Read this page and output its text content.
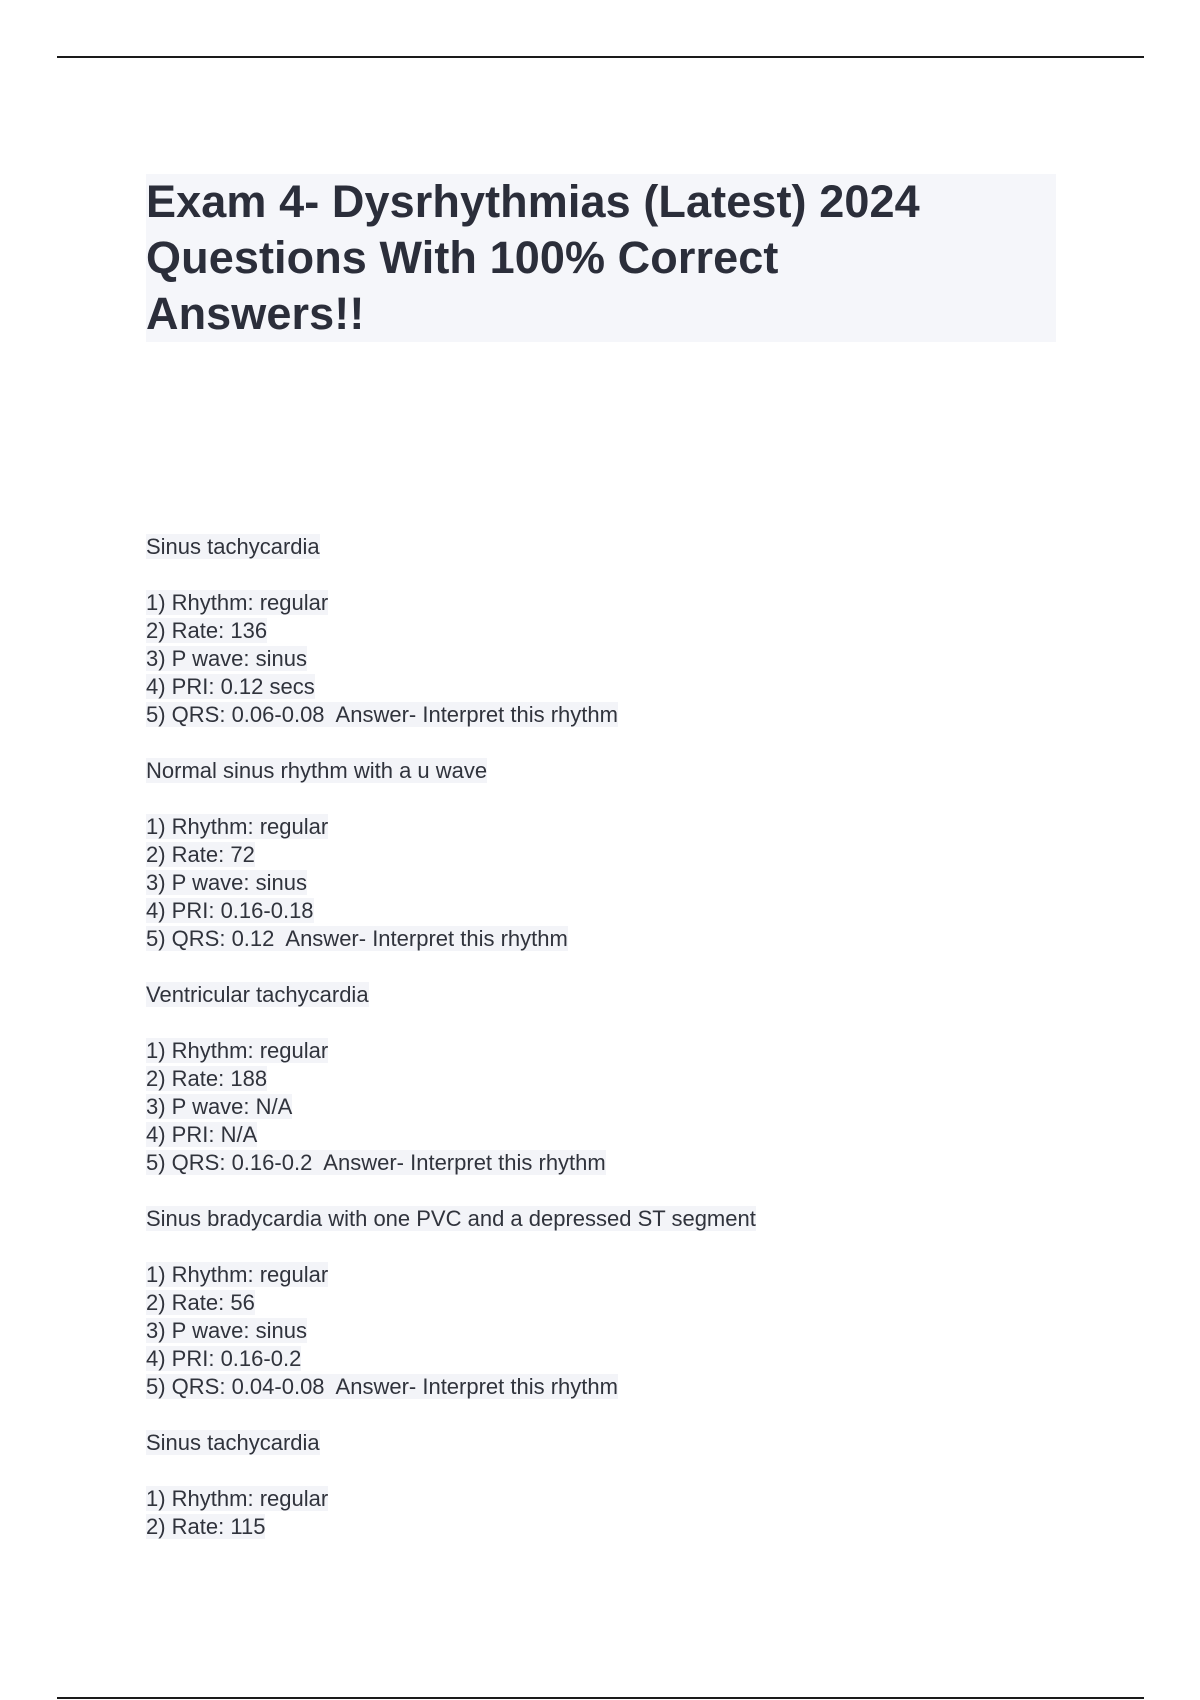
Exam 4- Dysrhythmias (Latest) 2024
Questions With 100% Correct
Answers!!
Sinus tachycardia
1) Rhythm: regular
2) Rate: 136
3) P wave: sinus
4) PRI: 0.12 secs
5) QRS: 0.06-0.08  Answer- Interpret this rhythm
Normal sinus rhythm with a u wave
1) Rhythm: regular
2) Rate: 72
3) P wave: sinus
4) PRI: 0.16-0.18
5) QRS: 0.12  Answer- Interpret this rhythm
Ventricular tachycardia
1) Rhythm: regular
2) Rate: 188
3) P wave: N/A
4) PRI: N/A
5) QRS: 0.16-0.2  Answer- Interpret this rhythm
Sinus bradycardia with one PVC and a depressed ST segment
1) Rhythm: regular
2) Rate: 56
3) P wave: sinus
4) PRI: 0.16-0.2
5) QRS: 0.04-0.08  Answer- Interpret this rhythm
Sinus tachycardia
1) Rhythm: regular
2) Rate: 115
